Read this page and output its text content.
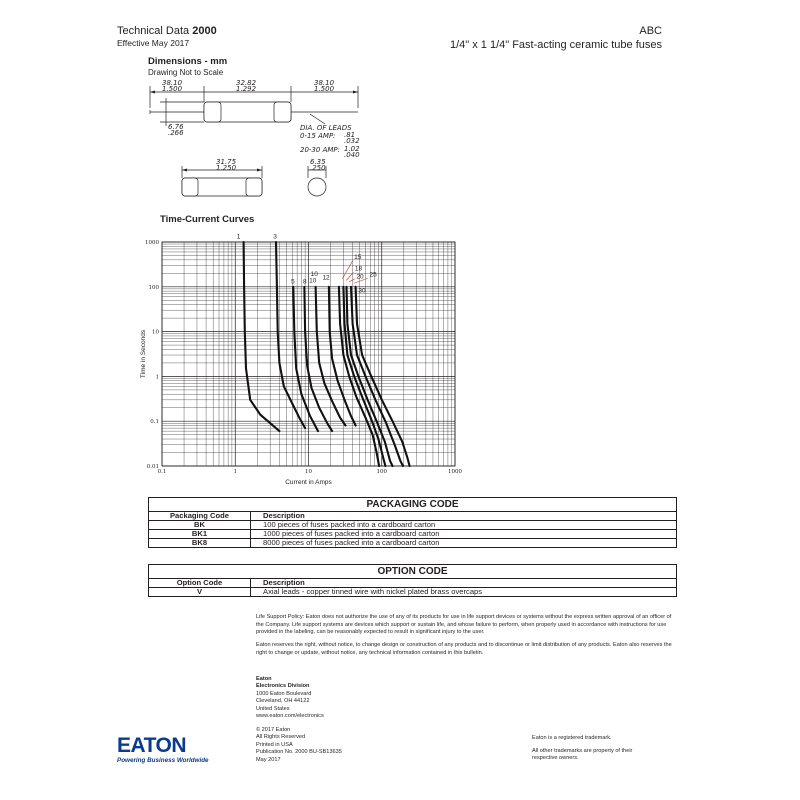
Technical Data 2000
Effective May 2017
ABC
1/4" x 1 1/4" Fast-acting ceramic tube fuses
Dimensions - mm
Drawing Not to Scale
38.10
1.500
32.82
1.292
38.10
1.500
6.76
.266
DIA. OF LEADS
0-15 AMP: .81
.032
20-30 AMP: 1.02
.040
31.75
1.250
6.35
.250
Time-Current Curves
0.1	1	10	100	1000
1000
100
10
1
0.1
0.01
Current in Amps
Time in Seconds
1	3
5 8 10
10
12
15
18
20 25
30
PACKAGING CODE	
Packaging Code	Description
BK	100 pieces of fuses packed into a cardboard carton
BK1	1000 pieces of fuses packed into a cardboard carton
BK8	8000 pieces of fuses packed into a cardboard carton
OPTION CODE	
Option Code	Description
V	Axial leads - copper tinned wire with nickel plated brass overcaps
Life Support Policy: Eaton does not authorize the use of any of its products for use in life support devices or systems without the express written approval of an officer of the Company. Life support systems are devices which support or sustain life, and whose failure to perform, when properly used in accordance with instructions for use provided in the labeling, can be reasonably expected to result in significant injury to the user.
Eaton reserves the right, without notice, to change design or construction of any products and to discontinue or limit distribution of any products. Eaton also reserves the right to change or update, without notice, any technical information contained in this bulletin.
Eaton
Electronics Division
1000 Eaton Boulevard
Cleveland, OH 44122
United States
www.eaton.com/electronics
© 2017 Eaton
All Rights Reserved
Printed in USA
Publication No. 2000 BU-SB13635
May 2017
Eaton is a registered trademark.
All other trademarks are property of their respective owners.
EATON
Powering Business Worldwide
